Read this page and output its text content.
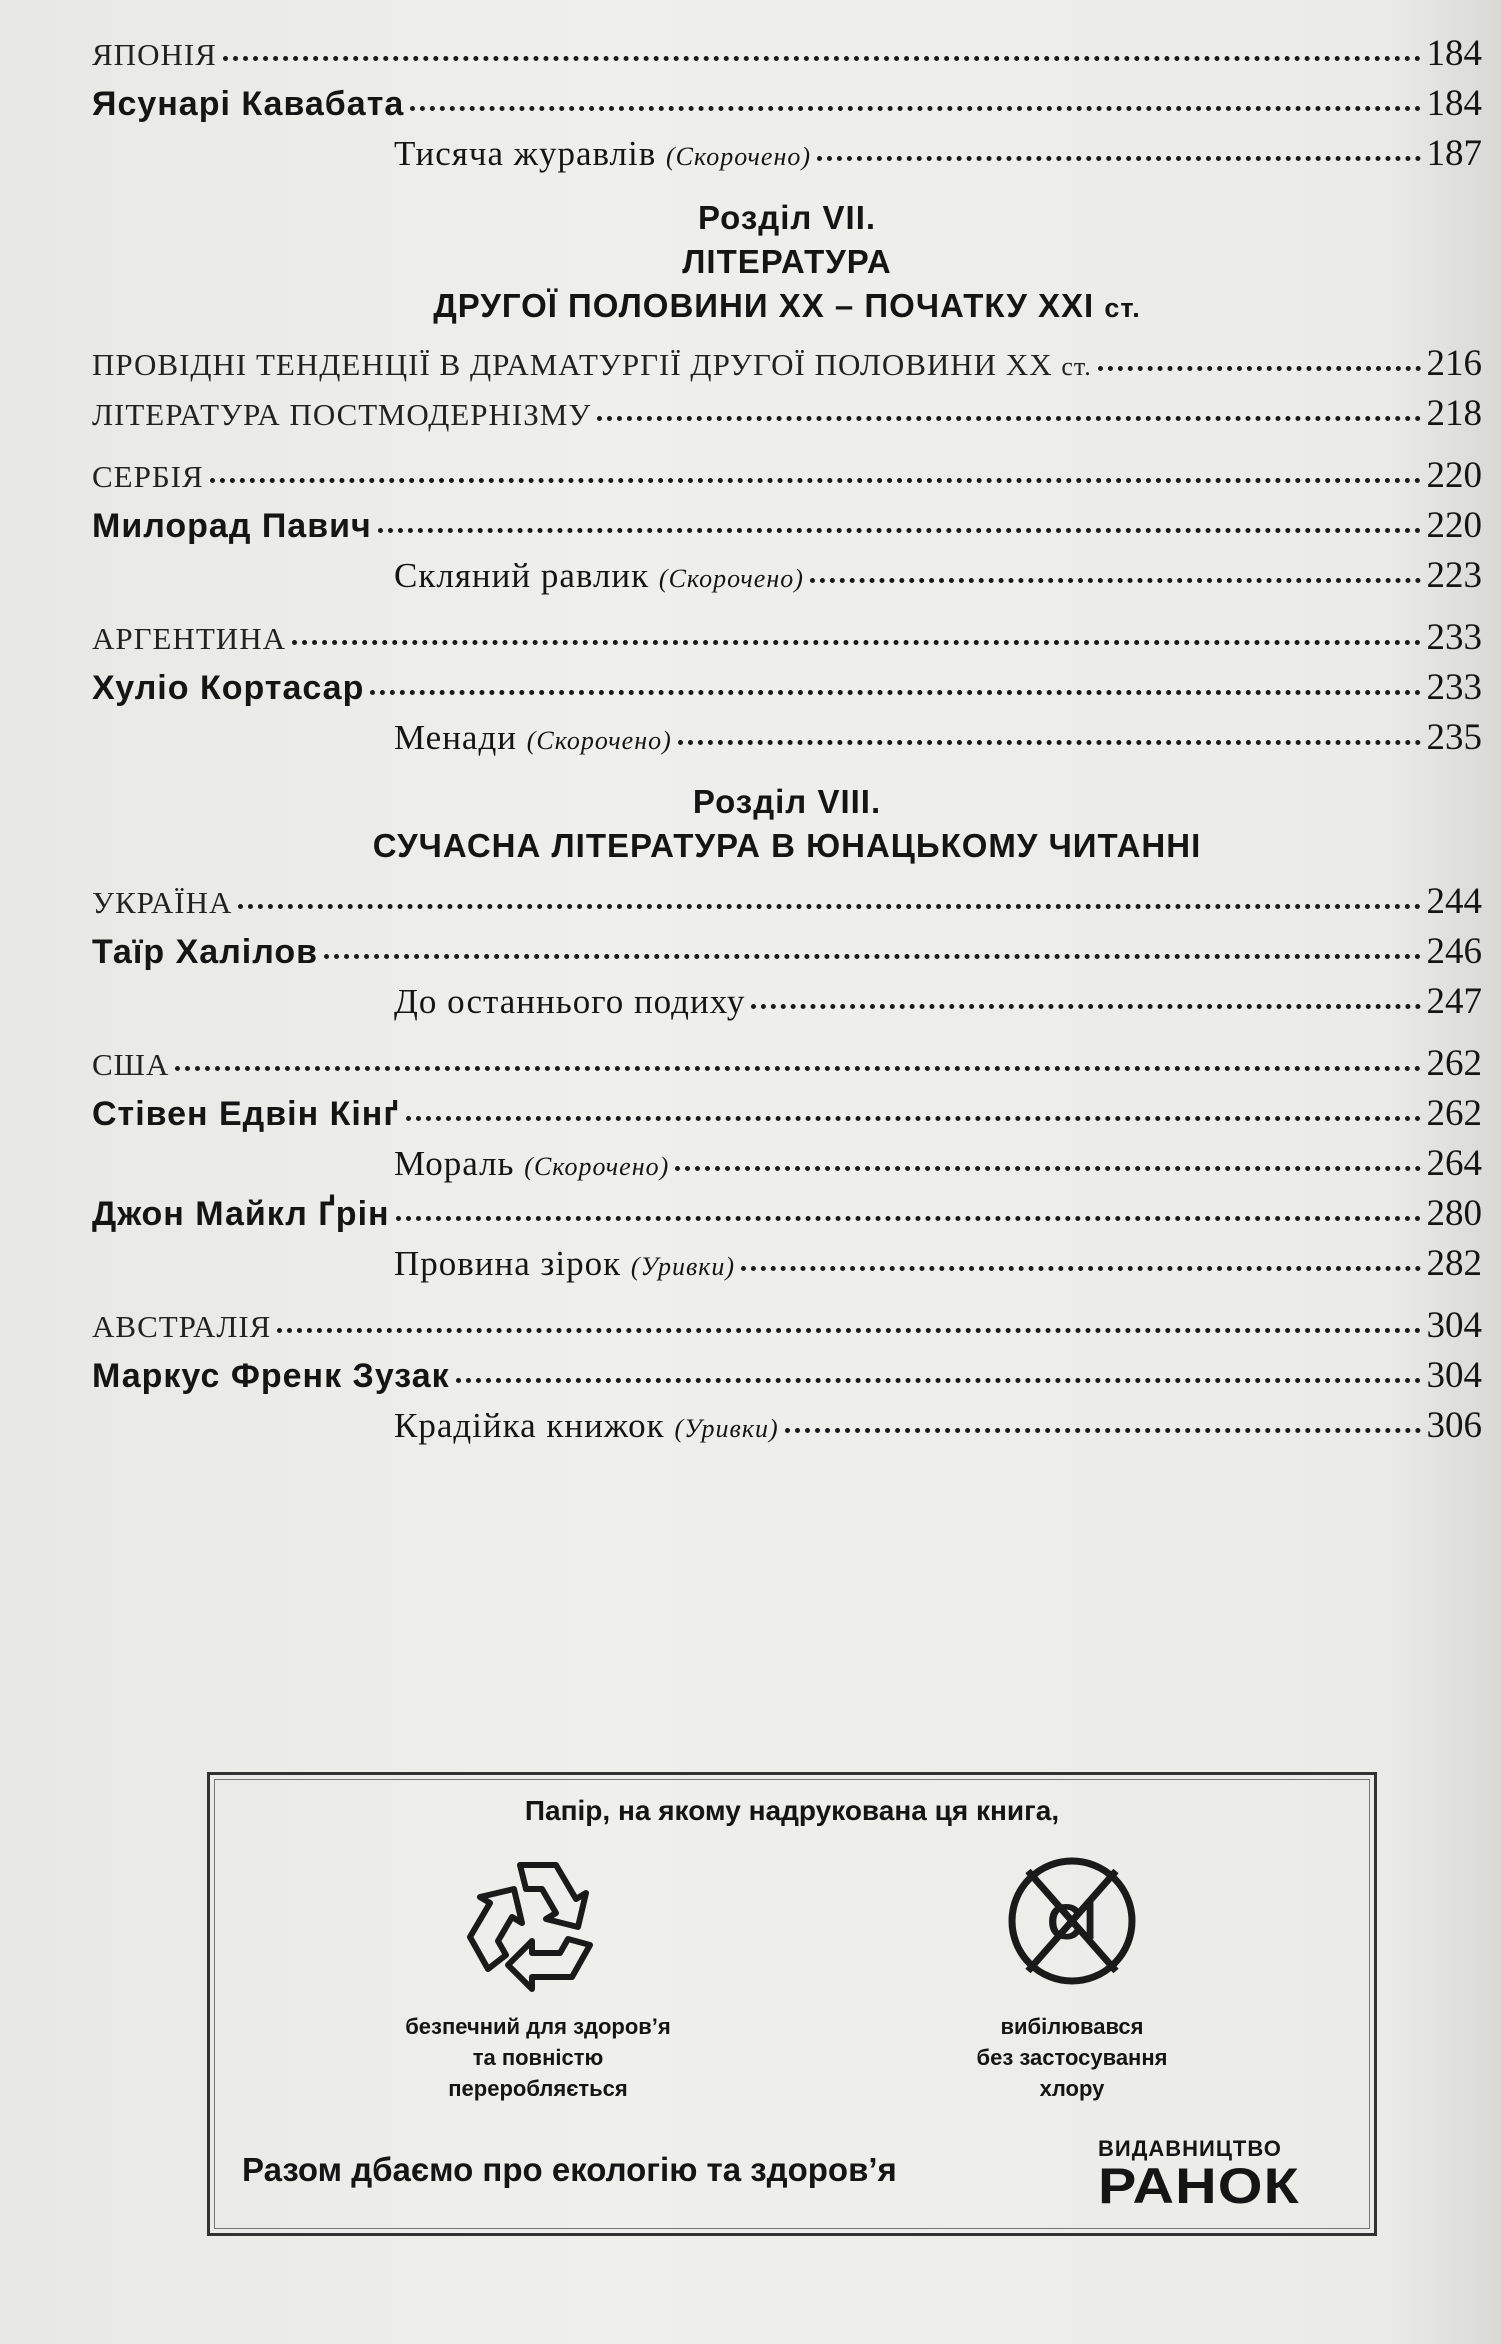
ЯПОНІЯ	184
Ясунарі Кавабата	184
Тисяча журавлів (Скорочено)	187
Розділ VII.
ЛІТЕРАТУРА
ДРУГОЇ ПОЛОВИНИ XX – ПОЧАТКУ XXI ст.
ПРОВІДНІ ТЕНДЕНЦІЇ В ДРАМАТУРГІЇ ДРУГОЇ ПОЛОВИНИ XX ст.	216
ЛІТЕРАТУРА ПОСТМОДЕРНІЗМУ	218
СЕРБІЯ	220
Милорад Павич	220
Скляний равлик (Скорочено)	223
АРГЕНТИНА	233
Хуліо Кортасар	233
Менади (Скорочено)	235
Розділ VIII.
СУЧАСНА ЛІТЕРАТУРА В ЮНАЦЬКОМУ ЧИТАННІ
УКРАЇНА	244
Таїр Халілов	246
До останнього подиху	247
США	262
Стівен Едвін Кінґ	262
Мораль (Скорочено)	264
Джон Майкл Ґрін	280
Провина зірок (Уривки)	282
АВСТРАЛІЯ	304
Маркус Френк Зузак	304
Крадійка книжок (Уривки)	306
Папір, на якому надрукована ця книга,
безпечний для здоров’я
та повністю
переробляється
Cl
вибілювався
без застосування
хлору
Разом дбаємо про екологію та здоров’я
ВИДАВНИЦТВО
РАНОК
